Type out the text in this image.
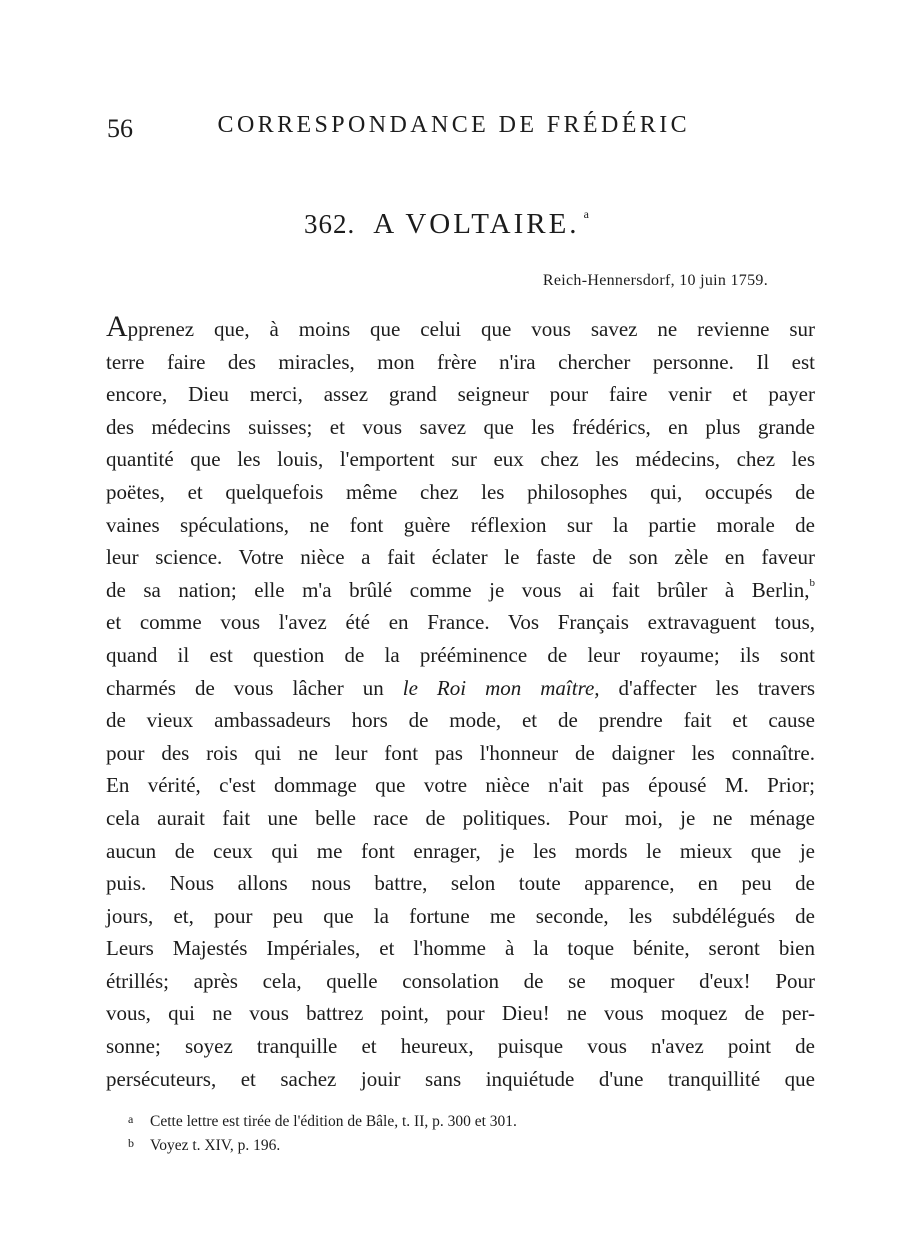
56	CORRESPONDANCE DE FRÉDÉRIC
362. A VOLTAIRE. $^a$
Reich-Hennersdorf, 10 juin 1759.
Apprenez que, à moins que celui que vous savez ne revienne sur
terre faire des miracles, mon frère n'ira chercher personne. Il est
encore, Dieu merci, assez grand seigneur pour faire venir et payer
des médecins suisses; et vous savez que les frédérics, en plus grande
quantité que les louis, l'emportent sur eux chez les médecins, chez les
poëtes, et quelquefois même chez les philosophes qui, occupés de
vaines spéculations, ne font guère réflexion sur la partie morale de
leur science. Votre nièce a fait éclater le faste de son zèle en faveur
de sa nation; elle m'a brûlé comme je vous ai fait brûler à Berlin,$^b$
et comme vous l'avez été en France. Vos Français extravaguent tous,
quand il est question de la prééminence de leur royaume; ils sont
charmés de vous lâcher un le Roi mon maître, d'affecter les travers
de vieux ambassadeurs hors de mode, et de prendre fait et cause
pour des rois qui ne leur font pas l'honneur de daigner les connaître.
En vérité, c'est dommage que votre nièce n'ait pas épousé M. Prior;
cela aurait fait une belle race de politiques. Pour moi, je ne ménage
aucun de ceux qui me font enrager, je les mords le mieux que je
puis. Nous allons nous battre, selon toute apparence, en peu de
jours, et, pour peu que la fortune me seconde, les subdélégués de
Leurs Majestés Impériales, et l'homme à la toque bénite, seront bien
étrillés; après cela, quelle consolation de se moquer d'eux! Pour
vous, qui ne vous battrez point, pour Dieu! ne vous moquez de per-
sonne; soyez tranquille et heureux, puisque vous n'avez point de
persécuteurs, et sachez jouir sans inquiétude d'une tranquillité que
a Cette lettre est tirée de l'édition de Bâle, t. II, p. 300 et 301.
b Voyez t. XIV, p. 196.
